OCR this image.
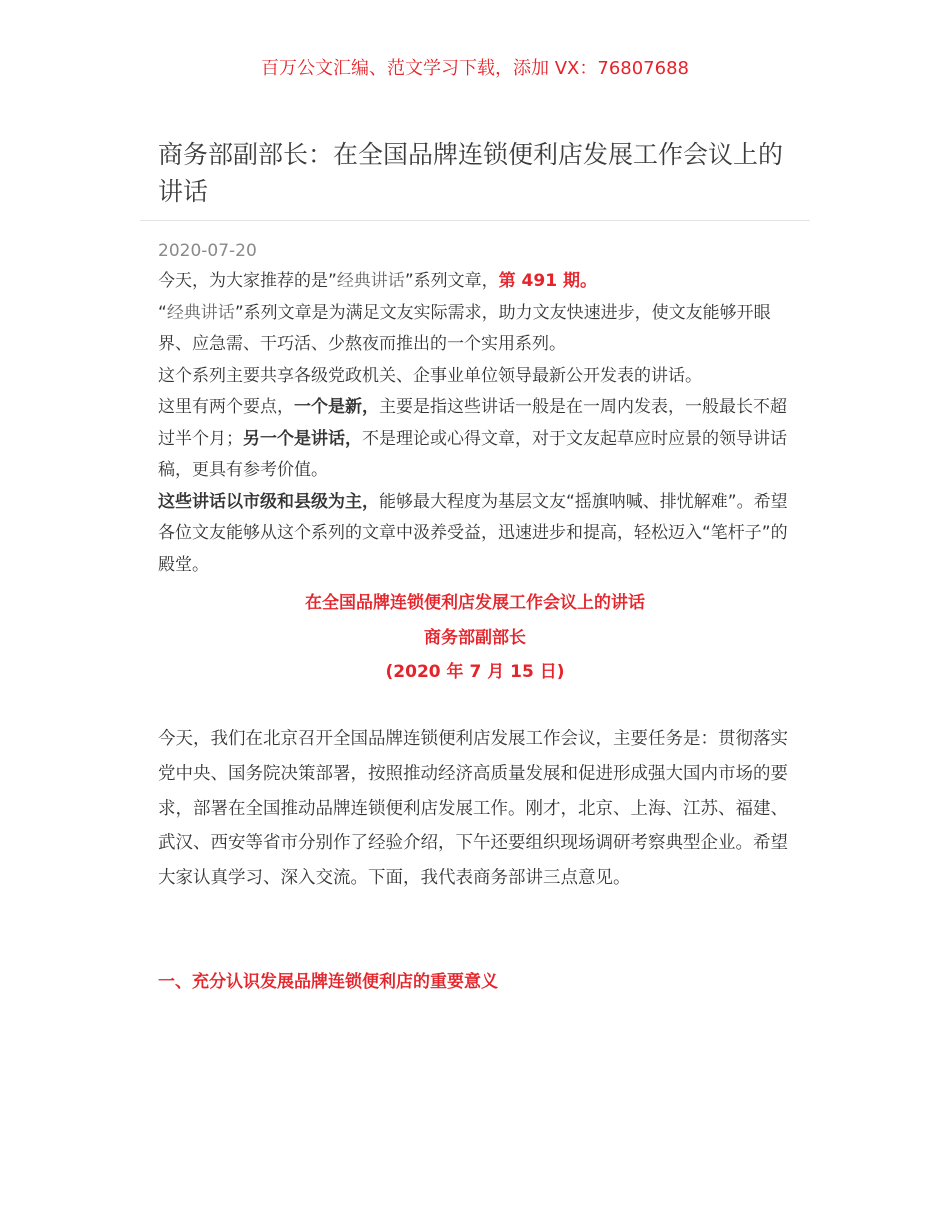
百万公文汇编、范文学习下载，添加 VX：76807688
商务部副部长：在全国品牌连锁便利店发展工作会议上的讲话
2020-07-20

今天，为大家推荐的是”经典讲话”系列文章，第 491 期。

“经典讲话”系列文章是为满足文友实际需求，助力文友快速进步，使文友能够开眼界、应急需、干巧活、少熬夜而推出的一个实用系列。

这个系列主要共享各级党政机关、企事业单位领导最新公开发表的讲话。

这里有两个要点，一个是新，主要是指这些讲话一般是在一周内发表，一般最长不超过半个月；另一个是讲话，不是理论或心得文章，对于文友起草应时应景的领导讲话稿，更具有参考价值。

这些讲话以市级和县级为主，能够最大程度为基层文友“摇旗呐喊、排忧解难”。希望各位文友能够从这个系列的文章中汲养受益，迅速进步和提高，轻松迈入“笔杆子”的殿堂。

在全国品牌连锁便利店发展工作会议上的讲话
商务部副部长
(2020 年 7 月 15 日)

今天，我们在北京召开全国品牌连锁便利店发展工作会议，主要任务是：贯彻落实党中央、国务院决策部署，按照推动经济高质量发展和促进形成强大国内市场的要求，部署在全国推动品牌连锁便利店发展工作。刚才，北京、上海、江苏、福建、武汉、西安等省市分别作了经验介绍，下午还要组织现场调研考察典型企业。希望大家认真学习、深入交流。下面，我代表商务部讲三点意见。

一、充分认识发展品牌连锁便利店的重要意义
